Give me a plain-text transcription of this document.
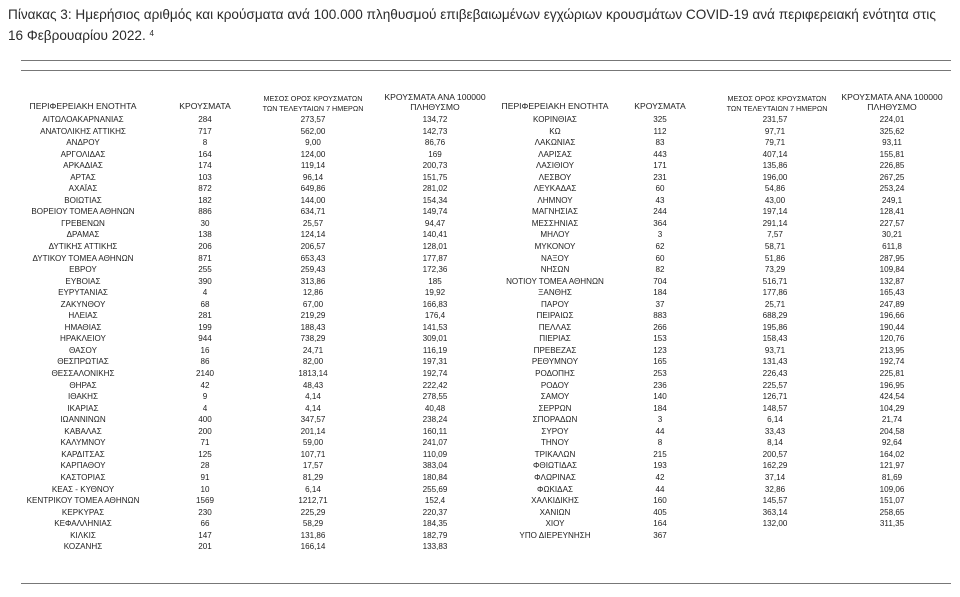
Πίνακας 3: Ημερήσιος αριθμός και κρούσματα ανά 100.000 πληθυσμού επιβεβαιωμένων εγχώριων κρουσμάτων COVID-19 ανά περιφερειακή ενότητα στις 16 Φεβρουαρίου 2022. $^4$
ΠΕΡΙΦΕΡΕΙΑΚΗ ΕΝΟΤΗΤΑ	ΚΡΟΥΣΜΑΤΑ
ΜΕΣΟΣ ΟΡΟΣ ΚΡΟΥΣΜΑΤΩΝ
ΤΩΝ ΤΕΛΕΥΤΑΙΩΝ 7 ΗΜΕΡΩΝ
ΚΡΟΥΣΜΑΤΑ ΑΝΑ 100000
ΠΛΗΘΥΣΜΟ	ΠΕΡΙΦΕΡΕΙΑΚΗ ΕΝΟΤΗΤΑ	ΚΡΟΥΣΜΑΤΑ
ΜΕΣΟΣ ΟΡΟΣ ΚΡΟΥΣΜΑΤΩΝ
ΤΩΝ ΤΕΛΕΥΤΑΙΩΝ 7 ΗΜΕΡΩΝ
ΚΡΟΥΣΜΑΤΑ ΑΝΑ 100000
ΠΛΗΘΥΣΜΟ
ΑΙΤΩΛΟΑΚΑΡΝΑΝΙΑΣ	284	273,57	134,72	ΚΟΡΙΝΘΙΑΣ	325	231,57	224,01
ΑΝΑΤΟΛΙΚΗΣ ΑΤΤΙΚΗΣ	717	562,00	142,73	ΚΩ	112	97,71	325,62
ΑΝΔΡΟΥ	8	9,00	86,76	ΛΑΚΩΝΙΑΣ	83	79,71	93,11
ΑΡΓΟΛΙΔΑΣ	164	124,00	169	ΛΑΡΙΣΑΣ	443	407,14	155,81
ΑΡΚΑΔΙΑΣ	174	119,14	200,73	ΛΑΣΙΘΙΟΥ	171	135,86	226,85
ΑΡΤΑΣ	103	96,14	151,75	ΛΕΣΒΟΥ	231	196,00	267,25
ΑΧΑΪΑΣ	872	649,86	281,02	ΛΕΥΚΑΔΑΣ	60	54,86	253,24
ΒΟΙΩΤΙΑΣ	182	144,00	154,34	ΛΗΜΝΟΥ	43	43,00	249,1
ΒΟΡΕΙΟΥ ΤΟΜΕΑ ΑΘΗΝΩΝ	886	634,71	149,74	ΜΑΓΝΗΣΙΑΣ	244	197,14	128,41
ΓΡΕΒΕΝΩΝ	30	25,57	94,47	ΜΕΣΣΗΝΙΑΣ	364	291,14	227,57
ΔΡΑΜΑΣ	138	124,14	140,41	ΜΗΛΟΥ	3	7,57	30,21
ΔΥΤΙΚΗΣ ΑΤΤΙΚΗΣ	206	206,57	128,01	ΜΥΚΟΝΟΥ	62	58,71	611,8
ΔΥΤΙΚΟΥ ΤΟΜΕΑ ΑΘΗΝΩΝ	871	653,43	177,87	ΝΑΞΟΥ	60	51,86	287,95
ΕΒΡΟΥ	255	259,43	172,36	ΝΗΣΩΝ	82	73,29	109,84
ΕΥΒΟΙΑΣ	390	313,86	185	ΝΟΤΙΟΥ ΤΟΜΕΑ ΑΘΗΝΩΝ	704	516,71	132,87
ΕΥΡΥΤΑΝΙΑΣ	4	12,86	19,92	ΞΑΝΘΗΣ	184	177,86	165,43
ΖΑΚΥΝΘΟΥ	68	67,00	166,83	ΠΑΡΟΥ	37	25,71	247,89
ΗΛΕΙΑΣ	281	219,29	176,4	ΠΕΙΡΑΙΩΣ	883	688,29	196,66
ΗΜΑΘΙΑΣ	199	188,43	141,53	ΠΕΛΛΑΣ	266	195,86	190,44
ΗΡΑΚΛΕΙΟΥ	944	738,29	309,01	ΠΙΕΡΙΑΣ	153	158,43	120,76
ΘΑΣΟΥ	16	24,71	116,19	ΠΡΕΒΕΖΑΣ	123	93,71	213,95
ΘΕΣΠΡΩΤΙΑΣ	86	82,00	197,31	ΡΕΘΥΜΝΟΥ	165	131,43	192,74
ΘΕΣΣΑΛΟΝΙΚΗΣ	2140	1813,14	192,74	ΡΟΔΟΠΗΣ	253	226,43	225,81
ΘΗΡΑΣ	42	48,43	222,42	ΡΟΔΟΥ	236	225,57	196,95
ΙΘΑΚΗΣ	9	4,14	278,55	ΣΑΜΟΥ	140	126,71	424,54
ΙΚΑΡΙΑΣ	4	4,14	40,48	ΣΕΡΡΩΝ	184	148,57	104,29
ΙΩΑΝΝΙΝΩΝ	400	347,57	238,24	ΣΠΟΡΑΔΩΝ	3	6,14	21,74
ΚΑΒΑΛΑΣ	200	201,14	160,11	ΣΥΡΟΥ	44	33,43	204,58
ΚΑΛΥΜΝΟΥ	71	59,00	241,07	ΤΗΝΟΥ	8	8,14	92,64
ΚΑΡΔΙΤΣΑΣ	125	107,71	110,09	ΤΡΙΚΑΛΩΝ	215	200,57	164,02
ΚΑΡΠΑΘΟΥ	28	17,57	383,04	ΦΘΙΩΤΙΔΑΣ	193	162,29	121,97
ΚΑΣΤΟΡΙΑΣ	91	81,29	180,84	ΦΛΩΡΙΝΑΣ	42	37,14	81,69
ΚΕΑΣ - ΚΥΘΝΟΥ	10	6,14	255,69	ΦΩΚΙΔΑΣ	44	32,86	109,06
ΚΕΝΤΡΙΚΟΥ ΤΟΜΕΑ ΑΘΗΝΩΝ	1569	1212,71	152,4	ΧΑΛΚΙΔΙΚΗΣ	160	145,57	151,07
ΚΕΡΚΥΡΑΣ	230	225,29	220,37	ΧΑΝΙΩΝ	405	363,14	258,65
ΚΕΦΑΛΛΗΝΙΑΣ	66	58,29	184,35	ΧΙΟΥ	164	132,00	311,35
ΚΙΛΚΙΣ	147	131,86	182,79	ΥΠΟ ΔΙΕΡΕΥΝΗΣΗ	367
ΚΟΖΑΝΗΣ	201	166,14	133,83
